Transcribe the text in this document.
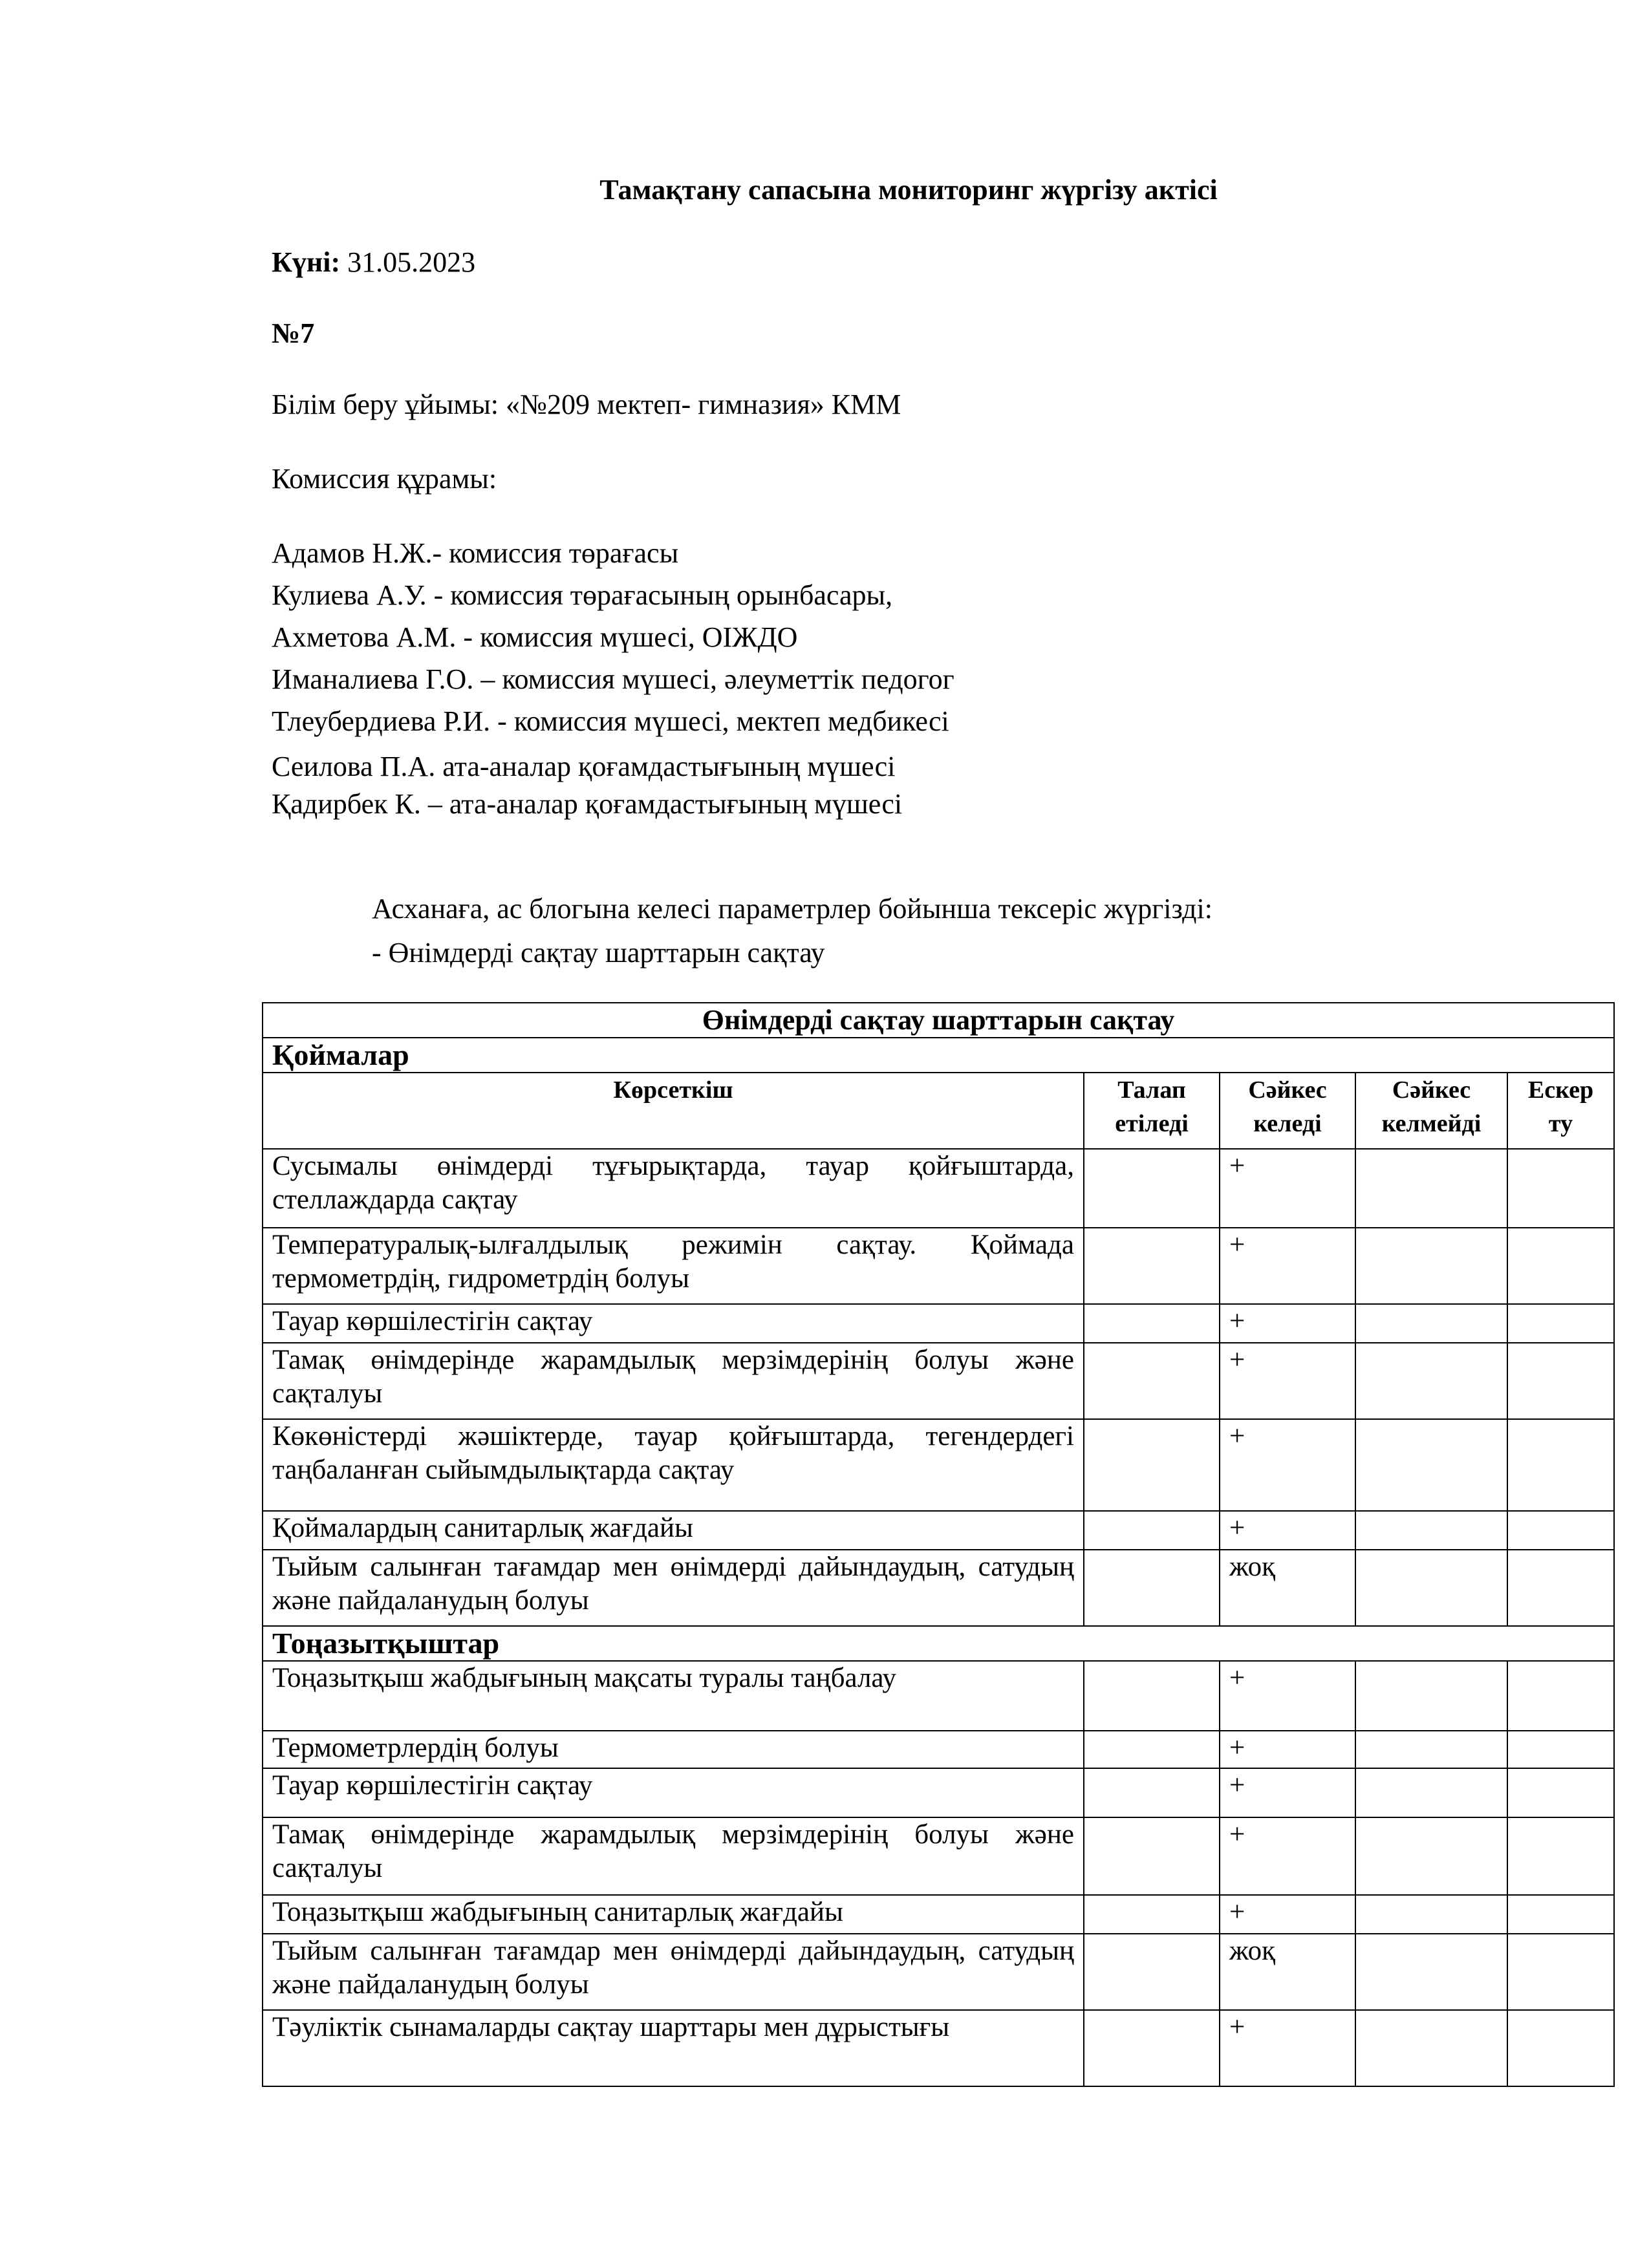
Тамақтану сапасына мониторинг жүргізу актісі
Күні: 31.05.2023
№7
Білім беру ұйымы: «№209 мектеп- гимназия» КММ
Комиссия құрамы:
Адамов Н.Ж.- комиссия төрағасы
Кулиева А.У. - комиссия төрағасының орынбасары,
Ахметова А.М. - комиссия мүшесі, ОІЖДО
Иманалиева Г.О. – комиссия мүшесі, әлеуметтік педогог
Тлеубердиева Р.И. - комиссия мүшесі, мектеп медбикесі
Сеилова П.А. ата-аналар қоғамдастығының мүшесі
Қадирбек К. – ата-аналар қоғамдастығының мүшесі
Асханаға, ас блогына келесі параметрлер бойынша тексеріс жүргізді:
- Өнімдерді сақтау шарттарын сақтау
Өнімдерді сақтау шарттарын сақтау				
Қоймалар				
Көрсеткіш	Талап етіледі	Сәйкес келеді	Сәйкес келмейді	Ескер ту
Сусымалы өнімдерді тұғырықтарда, тауар қойғыштарда, стеллаждарда сақтау		+		
Температуралық-ылғалдылық режимін сақтау. Қоймада термометрдің, гидрометрдің болуы		+		
Тауар көршілестігін сақтау		+		
Тамақ өнімдерінде жарамдылық мерзімдерінің болуы және сақталуы		+		
Көкөністерді жәшіктерде, тауар қойғыштарда, тегендердегі таңбаланған сыйымдылықтарда сақтау		+		
Қоймалардың санитарлық жағдайы		+		
Тыйым салынған тағамдар мен өнімдерді дайындаудың, сатудың және пайдаланудың болуы		жоқ		
Тоңазытқыштар				
Тоңазытқыш жабдығының мақсаты туралы таңбалау		+		
Термометрлердің болуы		+		
Тауар көршілестігін сақтау		+		
Тамақ өнімдерінде жарамдылық мерзімдерінің болуы және сақталуы		+		
Тоңазытқыш жабдығының санитарлық жағдайы		+		
Тыйым салынған тағамдар мен өнімдерді дайындаудың, сатудың және пайдаланудың болуы		жоқ		
Тәуліктік сынамаларды сақтау шарттары мен дұрыстығы		+		
